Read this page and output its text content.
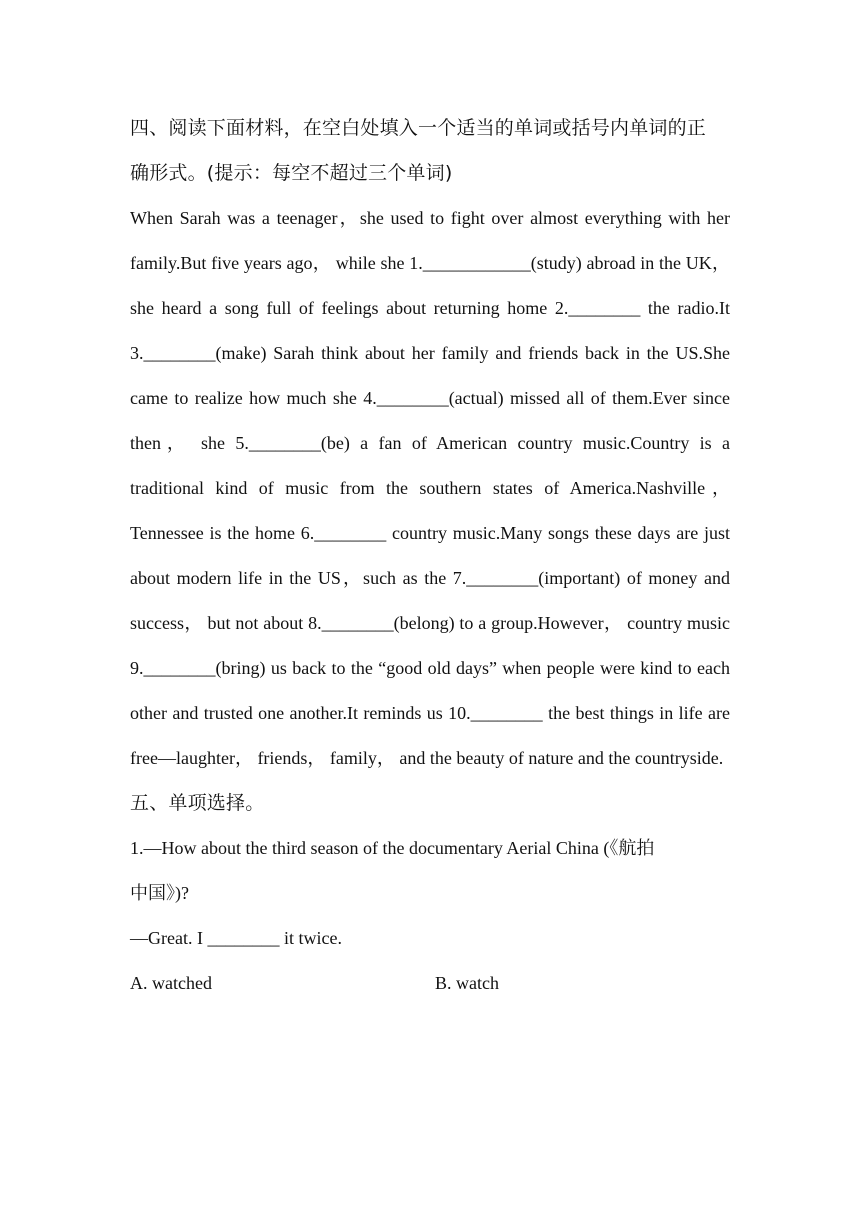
四、阅读下面材料，在空白处填入一个适当的单词或括号内单词的正

确形式。(提示：每空不超过三个单词)

When Sarah was a teenager，she used to fight over almost everything with her family.But five years ago， while she 1.____________(study) abroad in the UK， she heard a song full of feelings about returning home 2.________ the radio.It 3.________(make) Sarah think about her family and friends back in the US.She came to realize how much she 4.________(actual) missed all of them.Ever since then， she 5.________(be) a fan of American country music.Country is a traditional kind of music from the southern states of America.Nashville，Tennessee is the home 6.________ country music.Many songs these days are just about modern life in the US，such as the 7.________(important) of money and success， but not about 8.________(belong) to a group.However， country music 9.________(bring) us back to the “good old days” when people were kind to each other and trusted one another.It reminds us 10.________ the best things in life are free—laughter， friends， family， and the beauty of nature and the countryside.

五、单项选择。

1.—How about the third season of the documentary Aerial China (《航拍

中国》)?

—Great. I ________ it twice.

A. watched	B. watch
